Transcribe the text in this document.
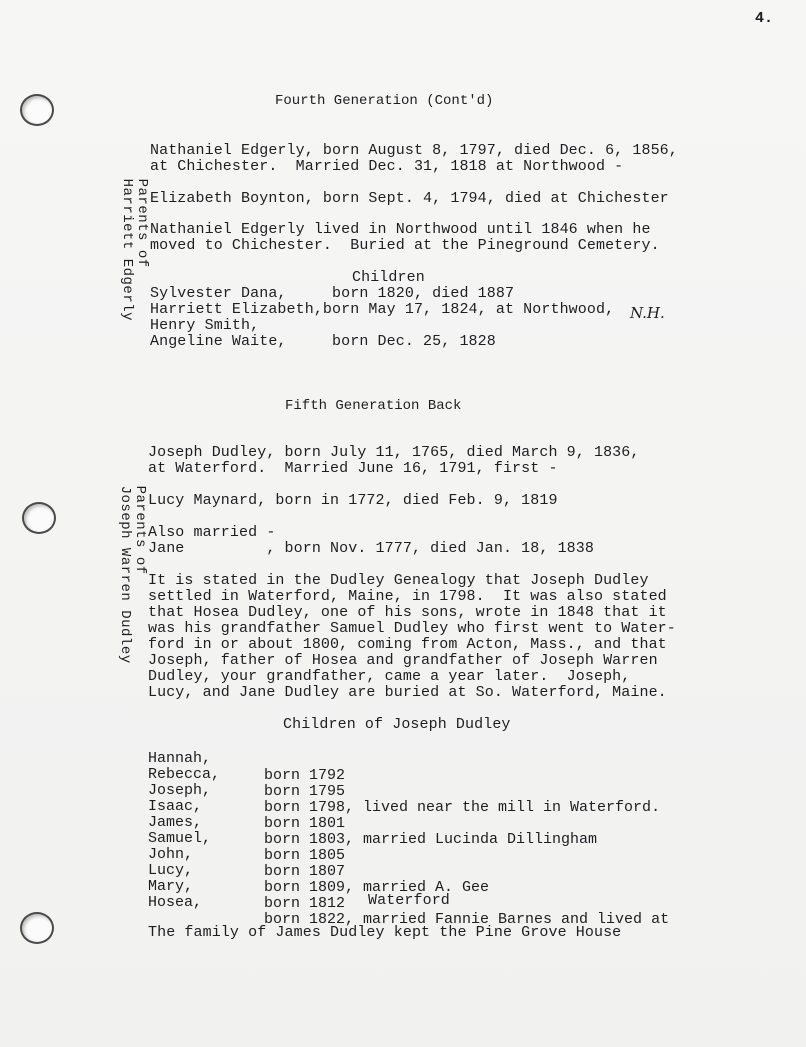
4.
Fourth Generation (Cont'd)

Parents of
Harriett Edgerly

Nathaniel Edgerly, born August 8, 1797, died Dec. 6, 1856,
at Chichester.  Married Dec. 31, 1818 at Northwood -
Elizabeth Boynton, born Sept. 4, 1794, died at Chichester
Nathaniel Edgerly lived in Northwood until 1846 when he
moved to Chichester.  Buried at the Pineground Cemetery.
Children
Sylvester Dana,     born 1820, died 1887
Harriett Elizabeth,born May 17, 1824, at Northwood, N.H.
Henry Smith,
Angeline Waite,     born Dec. 25, 1828
Fifth Generation Back

Parents of
Joseph Warren Dudley

Joseph Dudley, born July 11, 1765, died March 9, 1836,
at Waterford.  Married June 16, 1791, first -
Lucy Maynard, born in 1772, died Feb. 9, 1819
Also married -
Jane         , born Nov. 1777, died Jan. 18, 1838
It is stated in the Dudley Genealogy that Joseph Dudley
settled in Waterford, Maine, in 1798.  It was also stated
that Hosea Dudley, one of his sons, wrote in 1848 that it
was his grandfather Samuel Dudley who first went to Water-
ford in or about 1800, coming from Acton, Mass., and that
Joseph, father of Hosea and grandfather of Joseph Warren
Dudley, your grandfather, came a year later.  Joseph,
Lucy, and Jane Dudley are buried at So. Waterford, Maine.
Children of Joseph Dudley

Hannah,

born 1792

Rebecca,

born 1795

Joseph,

born 1798, lived near the mill in Waterford.

Isaac,

born 1801

James,

born 1803, married Lucinda Dillingham

Samuel,

born 1805

John,

born 1807

Lucy,

born 1809, married A. Gee

Mary,

born 1812

Hosea,

born 1822, married Fannie Barnes and lived at

Waterford
The family of James Dudley kept the Pine Grove House
